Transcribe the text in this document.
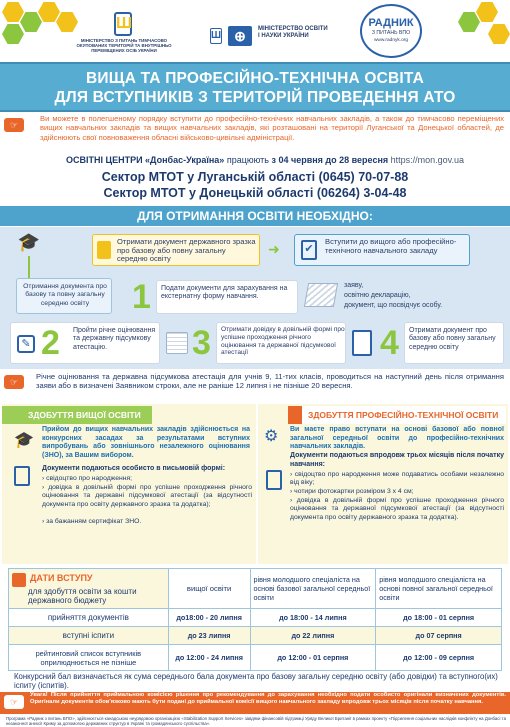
Ш
МІНІСТЕРСТВО З ПИТАНЬ ТИМЧАСОВО ОКУПОВАНИХ ТЕРИТОРІЙ ТА ВНУТРІШНЬО ПЕРЕМІЩЕНИХ ОСІБ УКРАЇНИ
Ш ⊕	МІНІСТЕРСТВО ОСВІТИ І НАУКИ УКРАЇНИ
РАДНИК
З ПИТАНЬ ВПО
www.radnyk.org
ВИЩА ТА ПРОФЕСІЙНО-ТЕХНІЧНА ОСВІТА
ДЛЯ ВСТУПНИКІВ З ТЕРИТОРІЙ ПРОВЕДЕННЯ АТО
☞
Ви можете в полегшеному порядку вступити до професійно-технічних навчальних закладів, а також до тимчасово переміщених вищих навчальних закладів та вищих навчальних закладів, які розташовані на території Луганської та Донецької областей, де здійснюють свої повноваження обласні військово-цивільні адміністрації.
ОСВІТНІ ЦЕНТРИ «Донбас-Україна» працюють з 04 червня до 28 вересня https://mon.gov.ua
Сектор МТОТ у Луганській області (0645) 70-07-88
Сектор МТОТ у Донецькій області (06264) 3-04-48
ДЛЯ ОТРИМАННЯ ОСВІТИ НЕОБХІДНО:
🎓	Отримати документ державного зразка про базову або повну загальну середню освіту
➜	✔
Вступити до вищого або професійно-технічного навчального закладу
Отримання документа про базову та повну загальну середню освіту	1 Подати документи для зарахування на екстернатну форму навчання.
заяву,
освітню декларацію,
документ, що посвідчує особу.
✎ 2 Пройти річне оцінювання та державну підсумкову атестацію.	3 Отримати довідку в довільній формі про успішне проходження річного оцінювання та державної підсумкової атестації	4 Отримати документ про базову або повну загальну середню освіту
☞
Річне оцінювання та державна підсумкова атестація для учнів 9, 11-тих класів, проводиться на наступний день після отримання заяви або в визначені Заявником строки, але не раніше 12 липня і не пізніше 20 вересня.
ЗДОБУТТЯ ВИЩОЇ ОСВІТИ
🎓
Прийом до вищих навчальних закладів здійснюється на конкурсних засадах за результатами вступних випробувань або зовнішнього незалежного оцінювання (ЗНО), за Вашим вибором.
Документи подаються особисто в письмовій формі:
› свідоцтво про народження;
› довідка в довільній формі про успішне проходження річного оцінювання та державні підсумкової атестації (за відсутності документа про освіту державного зразка та додатка);
› за бажанням сертифікат ЗНО.
ЗДОБУТТЯ ПРОФЕСІЙНО-ТЕХНІЧНОЇ ОСВІТИ
⚙	Ви маєте право вступати на основі базової або повної загальної середньої освіти до професійно-технічних навчальних закладів.
Документи подаються впродовж трьох місяців після початку навчання:
› свідоцтво про народження може подаватись особами незалежно від віку;
› чотири фотокартки розміром 3 х 4 см;
› довідка в довільній формі про успішне проходження річного оцінювання та державної підсумкової атестації (за відсутності документа про освіту державного зразка та додатка).
ДАТИ ВСТУПУ
для здобуття освіти за кошти державного бюджету	вищої освіти	рівня молодшого спеціаліста на основі базової загальної середньої освіти	рівня молодшого спеціаліста на основі повної загальної середньої освіти
прийняття документів	до18:00 - 20 липня	до 18:00 - 14 липня	до 18:00 - 01 серпня
вступні іспити	до 23 липня	до 22 липня	до 07 серпня
рейтинговий список вступників оприлюднюється не пізніше	до 12:00 - 24 липня	до 12:00 - 01 серпня	до 12:00 - 09 серпня
Конкурсний бал визначається як сума середнього бала документа про базову загальну середню освіту (або довідки) та вступного(их) іспиту (іспитів).
☞
Увага! Після прийняття приймальною комісією рішення про рекомендування до зарахування необхідно подати особисто оригінали визначених документів. Оригінали документів обов'язково мають бути подані до приймальної комісії вищого навчального закладу впродовж трьох місяців після початку навчання.
Програма «Радник з питань ВПО», здійснюється канадською неурядовою організацією «Stabilization Support Services» завдяки фінансовій підтримці Уряду Великої Британії в рамках проекту «Підсилення соціальних наслідків конфлікту на Донбасі та незаконної анексії Криму за допомогою державних структур в Україні та громадянського суспільства».
